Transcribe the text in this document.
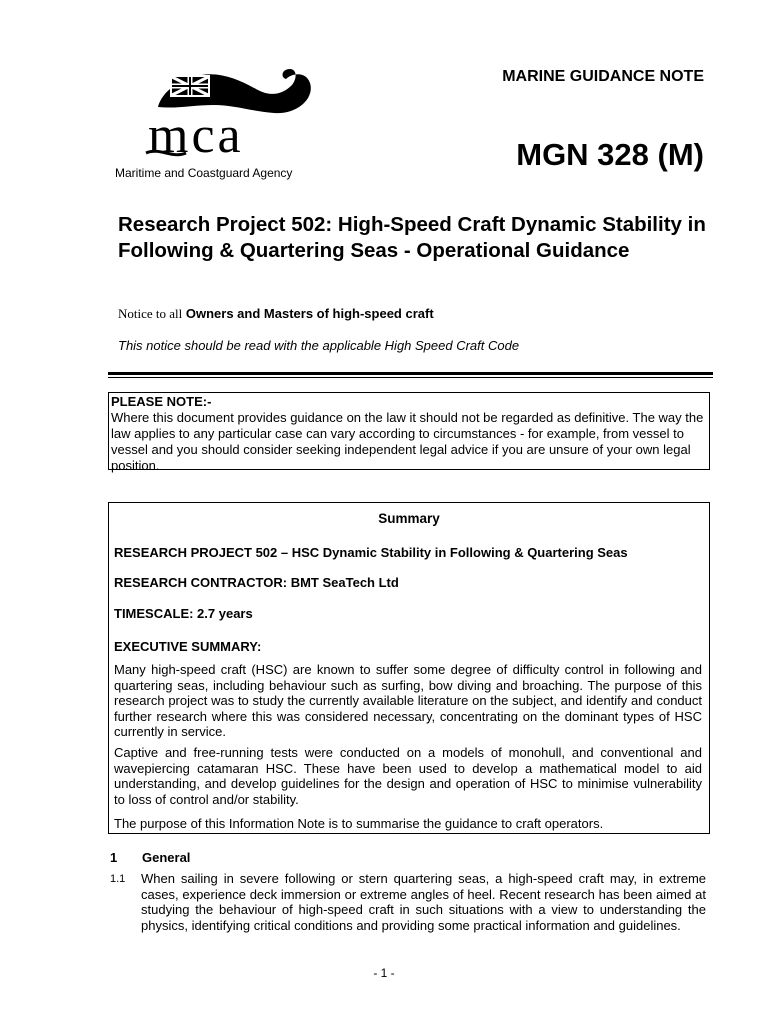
mca
Maritime and Coastguard Agency
MARINE GUIDANCE NOTE
MGN 328 (M)
Research Project 502: High-Speed Craft Dynamic Stability in Following & Quartering Seas - Operational Guidance
Notice to all Owners and Masters of high-speed craft
This notice should be read with the applicable High Speed Craft Code
PLEASE NOTE:-
Where this document provides guidance on the law it should not be regarded as definitive. The way the law applies to any particular case can vary according to circumstances - for example, from vessel to vessel and you should consider seeking independent legal advice if you are unsure of your own legal position.
Summary
RESEARCH PROJECT 502 – HSC Dynamic Stability in Following & Quartering Seas
RESEARCH CONTRACTOR: BMT SeaTech Ltd
TIMESCALE: 2.7 years
EXECUTIVE SUMMARY:
Many high-speed craft (HSC) are known to suffer some degree of difficulty control in following and quartering seas, including behaviour such as surfing, bow diving and broaching. The purpose of this research project was to study the currently available literature on the subject, and identify and conduct further research where this was considered necessary, concentrating on the dominant types of HSC currently in service.
Captive and free-running tests were conducted on a models of monohull, and conventional and wavepiercing catamaran HSC. These have been used to develop a mathematical model to aid understanding, and develop guidelines for the design and operation of HSC to minimise vulnerability to loss of control and/or stability.
The purpose of this Information Note is to summarise the guidance to craft operators.
1 General
1.1 When sailing in severe following or stern quartering seas, a high-speed craft may, in extreme cases, experience deck immersion or extreme angles of heel. Recent research has been aimed at studying the behaviour of high-speed craft in such situations with a view to understanding the physics, identifying critical conditions and providing some practical information and guidelines.
- 1 -
